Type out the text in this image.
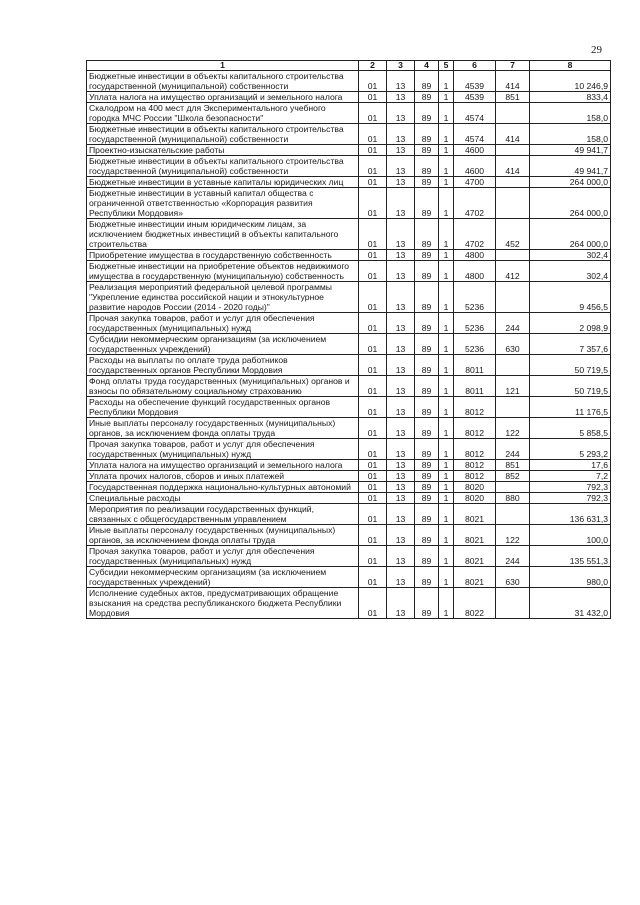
29
1	2	3	4	5	6	7	8
Бюджетные инвестиции в объекты капитального строительства государственной (муниципальной) собственности	01	13	89	1	4539	414	10 246,9
Уплата налога на имущество организаций и земельного налога	01	13	89	1	4539	851	833,4
Скалодром на 400 мест для Экспериментального учебного городка МЧС России "Школа безопасности"	01	13	89	1	4574		158,0
Бюджетные инвестиции в объекты капитального строительства государственной (муниципальной) собственности	01	13	89	1	4574	414	158,0
Проектно-изыскательские работы	01	13	89	1	4600		49 941,7
Бюджетные инвестиции в объекты капитального строительства государственной (муниципальной) собственности	01	13	89	1	4600	414	49 941,7
Бюджетные инвестиции в уставные капиталы юридических лиц	01	13	89	1	4700		264 000,0
Бюджетные инвестиции в уставный капитал общества с ограниченной ответственностью «Корпорация развития Республики Мордовия»	01	13	89	1	4702		264 000,0
Бюджетные инвестиции иным юридическим лицам, за исключением бюджетных инвестиций в объекты капитального строительства	01	13	89	1	4702	452	264 000,0
Приобретение имущества в государственную собственность	01	13	89	1	4800		302,4
Бюджетные инвестиции на приобретение объектов недвижимого имущества в государственную (муниципальную) собственность	01	13	89	1	4800	412	302,4
Реализация мероприятий федеральной целевой программы "Укрепление единства российской нации и этнокультурное развитие народов России (2014 - 2020 годы)"	01	13	89	1	5236		9 456,5
Прочая закупка товаров, работ и услуг для обеспечения государственных (муниципальных) нужд	01	13	89	1	5236	244	2 098,9
Субсидии некоммерческим организациям (за исключением государственных учреждений)	01	13	89	1	5236	630	7 357,6
Расходы на выплаты по оплате труда работников государственных органов Республики Мордовия	01	13	89	1	8011		50 719,5
Фонд оплаты труда государственных (муниципальных) органов и взносы по обязательному социальному страхованию	01	13	89	1	8011	121	50 719,5
Расходы на обеспечение функций государственных органов Республики Мордовия	01	13	89	1	8012		11 176,5
Иные выплаты персоналу государственных (муниципальных) органов, за исключением фонда оплаты труда	01	13	89	1	8012	122	5 858,5
Прочая закупка товаров, работ и услуг для обеспечения государственных (муниципальных) нужд	01	13	89	1	8012	244	5 293,2
Уплата налога на имущество организаций и земельного налога	01	13	89	1	8012	851	17,6
Уплата прочих налогов, сборов и иных платежей	01	13	89	1	8012	852	7,2
Государственная поддержка национально-культурных автономий	01	13	89	1	8020		792,3
Специальные расходы	01	13	89	1	8020	880	792,3
Мероприятия по реализации государственных функций, связанных с общегосударственным управлением	01	13	89	1	8021		136 631,3
Иные выплаты персоналу государственных (муниципальных) органов, за исключением фонда оплаты труда	01	13	89	1	8021	122	100,0
Прочая закупка товаров, работ и услуг для обеспечения государственных (муниципальных) нужд	01	13	89	1	8021	244	135 551,3
Субсидии некоммерческим организациям (за исключением государственных учреждений)	01	13	89	1	8021	630	980,0
Исполнение судебных актов, предусматривающих обращение взыскания на средства республиканского бюджета Республики Мордовия	01	13	89	1	8022		31 432,0
